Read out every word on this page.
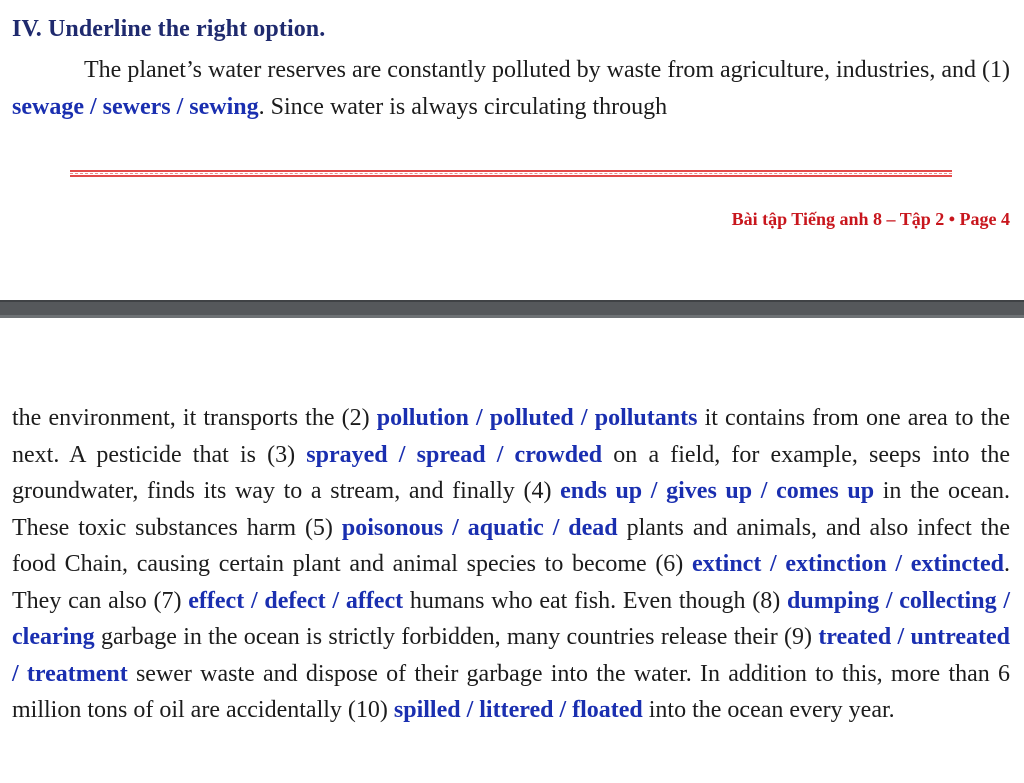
IV. Underline the right option.
The planet’s water reserves are constantly polluted by waste from agriculture, industries, and (1) sewage / sewers / sewing. Since water is always circulating through
Bài tập Tiếng anh 8 – Tập 2 • Page 4
the environment, it transports the (2) pollution / polluted / pollutants it contains from one area to the next. A pesticide that is (3) sprayed / spread / crowded on a field, for example, seeps into the groundwater, finds its way to a stream, and finally (4) ends up / gives up / comes up in the ocean. These toxic substances harm (5) poisonous / aquatic / dead plants and animals, and also infect the food Chain, causing certain plant and animal species to become (6) extinct / extinction / extincted. They can also (7) effect / defect / affect humans who eat fish. Even though (8) dumping / collecting / clearing garbage in the ocean is strictly forbidden, many countries release their (9) treated / untreated / treatment sewer waste and dispose of their garbage into the water. In addition to this, more than 6 million tons of oil are accidentally (10) spilled / littered / floated into the ocean every year.
